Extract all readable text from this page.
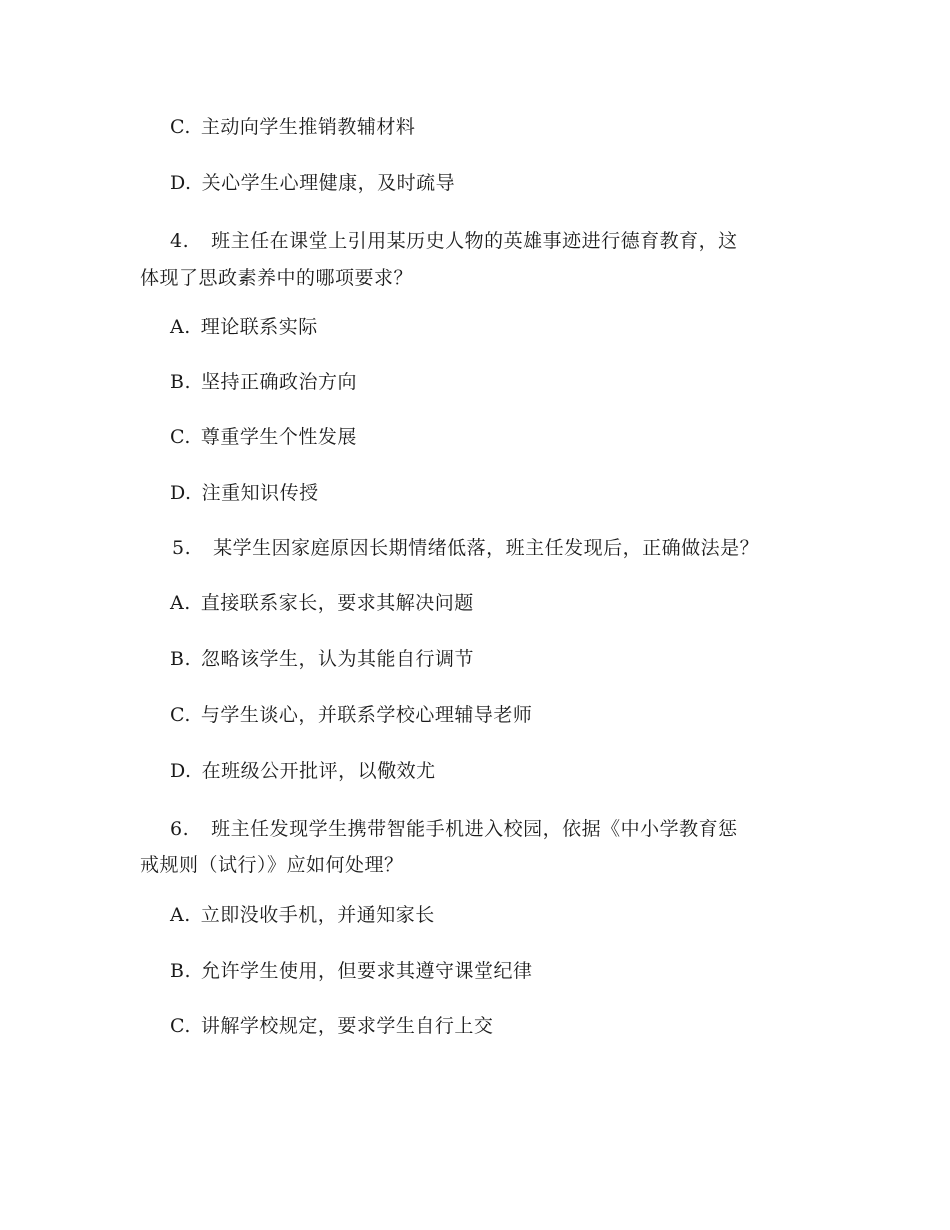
C. 主动向学生推销教辅材料
D. 关心学生心理健康，及时疏导
4. 班主任在课堂上引用某历史人物的英雄事迹进行德育教育，这
体现了思政素养中的哪项要求？
A. 理论联系实际
B. 坚持正确政治方向
C. 尊重学生个性发展
D. 注重知识传授
5. 某学生因家庭原因长期情绪低落，班主任发现后，正确做法是？
A. 直接联系家长，要求其解决问题
B. 忽略该学生，认为其能自行调节
C. 与学生谈心，并联系学校心理辅导老师
D. 在班级公开批评，以儆效尤
6. 班主任发现学生携带智能手机进入校园，依据《中小学教育惩
戒规则（试行）》应如何处理？
A. 立即没收手机，并通知家长
B. 允许学生使用，但要求其遵守课堂纪律
C. 讲解学校规定，要求学生自行上交
